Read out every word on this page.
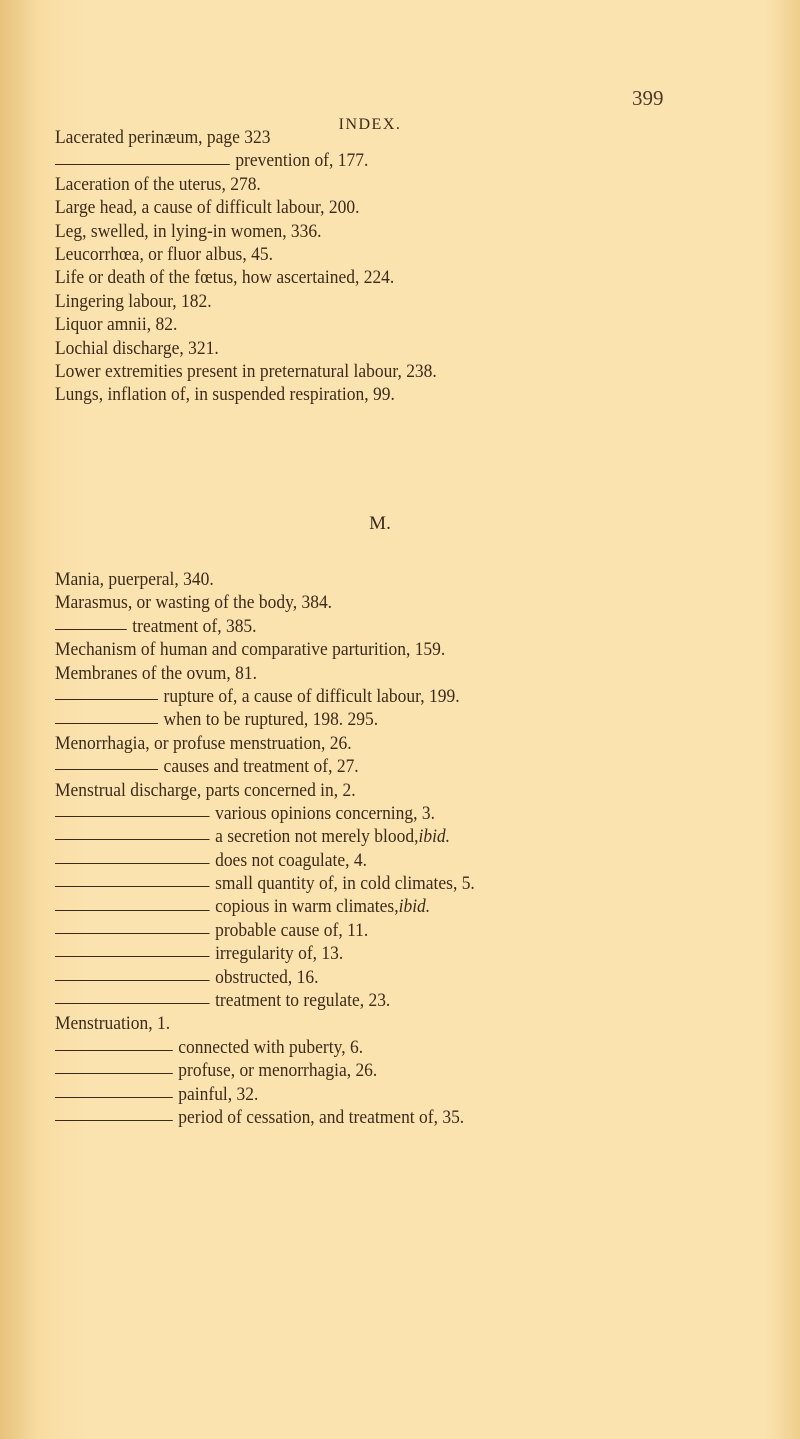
INDEX.
399
Lacerated perinæum, page 323
prevention of, 177.
Laceration of the uterus, 278.
Large head, a cause of difficult labour, 200.
Leg, swelled, in lying-in women, 336.
Leucorrhœa, or fluor albus, 45.
Life or death of the fœtus, how ascertained, 224.
Lingering labour, 182.
Liquor amnii, 82.
Lochial discharge, 321.
Lower extremities present in preternatural labour, 238.
Lungs, inflation of, in suspended respiration, 99.
M.
Mania, puerperal, 340.
Marasmus, or wasting of the body, 384.
treatment of, 385.
Mechanism of human and comparative parturition, 159.
Membranes of the ovum, 81.
rupture of, a cause of difficult labour, 199.
when to be ruptured, 198. 295.
Menorrhagia, or profuse menstruation, 26.
causes and treatment of, 27.
Menstrual discharge, parts concerned in, 2.
various opinions concerning, 3.
a secretion not merely blood, ibid.
does not coagulate, 4.
small quantity of, in cold climates, 5.
copious in warm climates, ibid.
probable cause of, 11.
irregularity of, 13.
obstructed, 16.
treatment to regulate, 23.
Menstruation, 1.
connected with puberty, 6.
profuse, or menorrhagia, 26.
painful, 32.
period of cessation, and treatment of, 35.
